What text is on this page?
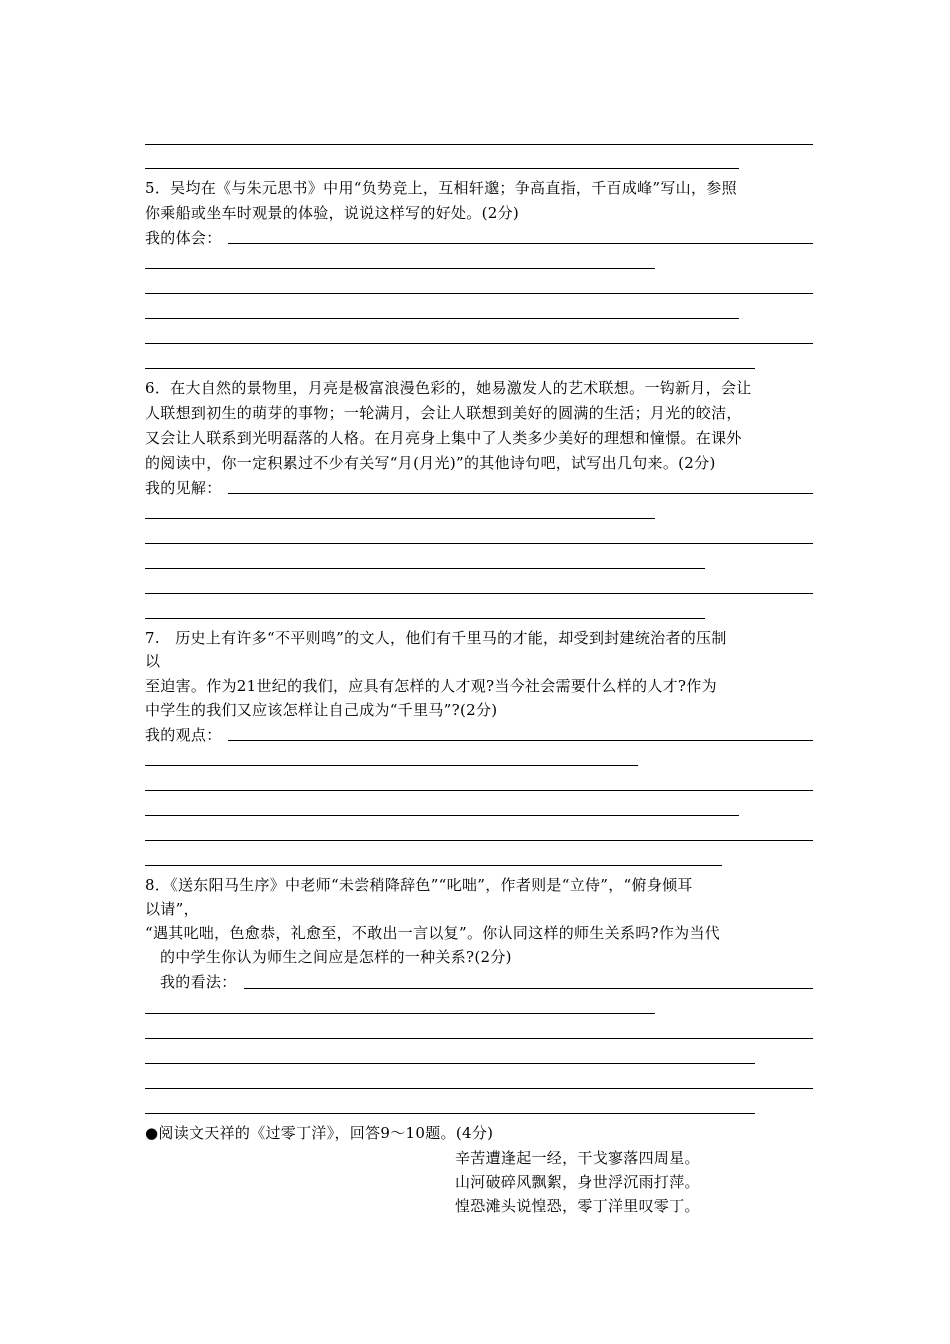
5．吴均在《与朱元思书》中用“负势竞上，互相轩邈；争高直指，千百成峰”写山，参照
你乘船或坐车时观景的体验，说说这样写的好处。(2分)
我的体会：
6．在大自然的景物里，月亮是极富浪漫色彩的，她易激发人的艺术联想。一钩新月，会让
人联想到初生的萌芽的事物；一轮满月，会让人联想到美好的圆满的生活；月光的皎洁，
又会让人联系到光明磊落的人格。在月亮身上集中了人类多少美好的理想和憧憬。在课外
的阅读中，你一定积累过不少有关写“月(月光)”的其他诗句吧，试写出几句来。(2分)
我的见解：
7.　历史上有许多“不平则鸣”的文人，他们有千里马的才能，却受到封建统治者的压制
以
至迫害。作为21世纪的我们，应具有怎样的人才观?当今社会需要什么样的人才?作为
中学生的我们又应该怎样让自己成为“千里马”?(2分)
我的观点：
8．《送东阳马生序》中老师“未尝稍降辞色”“叱咄”，作者则是“立侍”，“俯身倾耳
以请”，
“遇其叱咄，色愈恭，礼愈至，不敢出一言以复”。你认同这样的师生关系吗?作为当代
的中学生你认为师生之间应是怎样的一种关系?(2分)
我的看法：
●阅读文天祥的《过零丁洋》，回答9～10题。(4分)
辛苦遭逢起一经，干戈寥落四周星。
山河破碎风飘絮，身世浮沉雨打萍。
惶恐滩头说惶恐，零丁洋里叹零丁。
